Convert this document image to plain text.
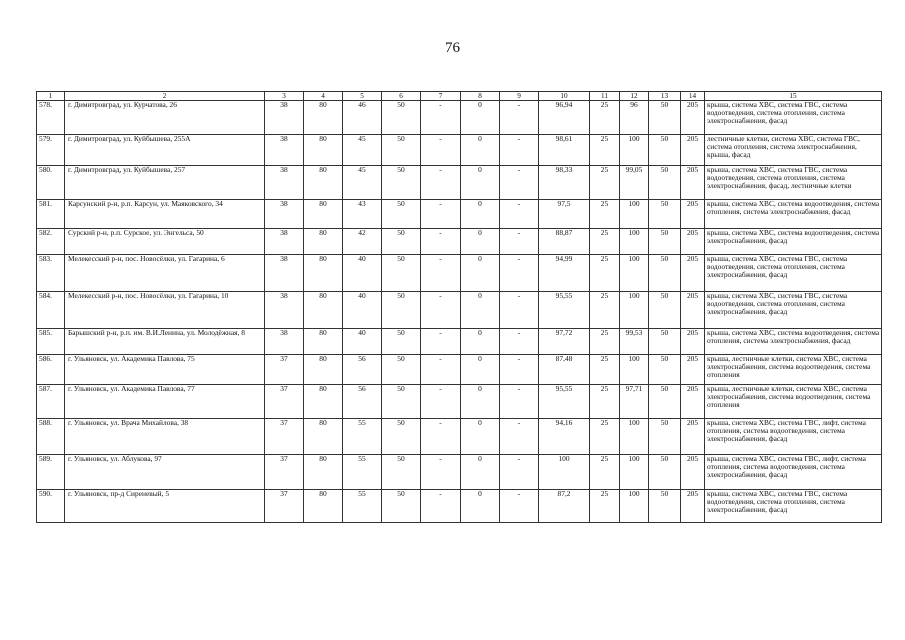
76
1	2	3	4	5	6	7	8	9	10	11	12	13	14	15
578.	г. Димитровград, ул. Курчатова, 26	38	80	46	50	-	0	-	96,94	25	96	50	205	крыша, система ХВС, система ГВС, система водоотведения, система отопления, система электроснабжения, фасад
579.	г. Димитровград, ул. Куйбышева, 255А	38	80	45	50	-	0	-	98,61	25	100	50	205	лестничные клетки, система ХВС, система ГВС, система отопления, система электроснабжения, крыша, фасад
580.	г. Димитровград, ул. Куйбышева, 257	38	80	45	50	-	0	-	98,33	25	99,05	50	205	крыша, система ХВС, система ГВС, система водоотведения, система отопления, система электроснабжения, фасад, лестничные клетки
581.	Карсунский р-н, р.п. Карсун, ул. Маяковского, 34	38	80	43	50	-	0	-	97,5	25	100	50	205	крыша, система ХВС, система водоотведения, система отопления, система электроснабжения, фасад
582.	Сурский р-н, р.п. Сурское, ул. Энгельса, 50	38	80	42	50	-	0	-	88,87	25	100	50	205	крыша, система ХВС, система водоотведения, система электроснабжения, фасад
583.	Мелекесский р-н, пос. Новосёлки, ул. Гагарина, 6	38	80	40	50	-	0	-	94,99	25	100	50	205	крыша, система ХВС, система ГВС, система водоотведения, система отопления, система электроснабжения, фасад
584.	Мелекесский р-н, пос. Новосёлки, ул. Гагарина, 10	38	80	40	50	-	0	-	95,55	25	100	50	205	крыша, система ХВС, система ГВС, система водоотведения, система отопления, система электроснабжения, фасад
585.	Барышский р-н, р.п. им. В.И.Ленина, ул. Молодёжная, 8	38	80	40	50	-	0	-	97,72	25	99,53	50	205	крыша, система ХВС, система водоотведения, система отопления, система электроснабжения, фасад
586.	г. Ульяновск, ул. Академика Павлова, 75	37	80	56	50	-	0	-	87,48	25	100	50	205	крыша, лестничные клетки, система ХВС, система электроснабжения, система водоотведения, система отопления
587.	г. Ульяновск, ул. Академика Павлова, 77	37	80	56	50	-	0	-	95,55	25	97,71	50	205	крыша, лестничные клетки, система ХВС, система электроснабжения, система водоотведения, система отопления
588.	г. Ульяновск, ул. Врача Михайлова, 38	37	80	55	50	-	0	-	94,16	25	100	50	205	крыша, система ХВС, система ГВС, лифт, система отопления, система водоотведения, система электроснабжения, фасад
589.	г. Ульяновск, ул. Аблукова, 97	37	80	55	50	-	0	-	100	25	100	50	205	крыша, система ХВС, система ГВС, лифт, система отопления, система водоотведения, система электроснабжения, фасад
590.	г. Ульяновск, пр-д Сиреневый, 5	37	80	55	50	-	0	-	87,2	25	100	50	205	крыша, система ХВС, система ГВС, система водоотведения, система отопления, система электроснабжения, фасад
